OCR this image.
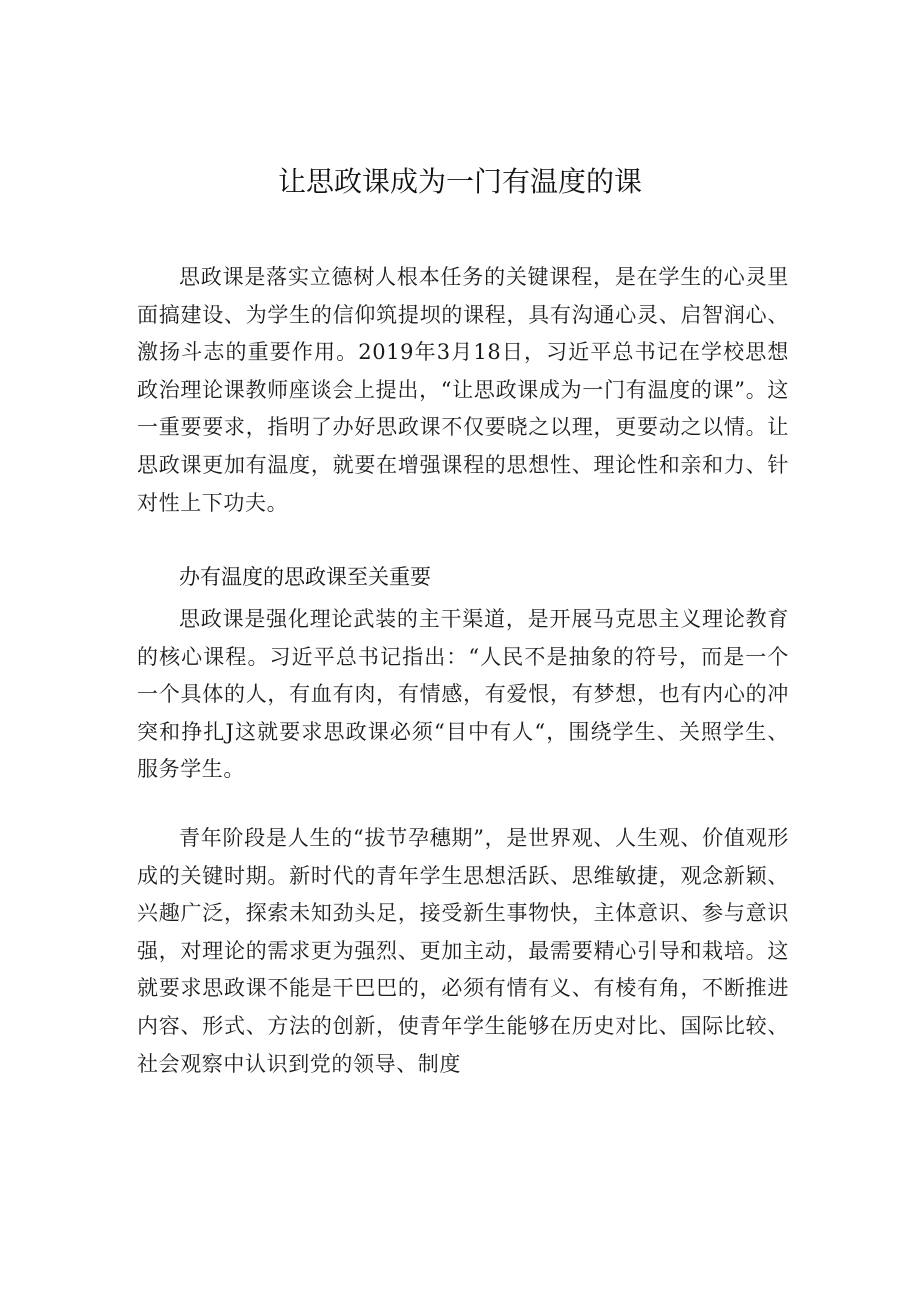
让思政课成为一门有温度的课

思政课是落实立德树人根本任务的关键课程，是在学生的心灵里面搞建设、为学生的信仰筑提坝的课程，具有沟通心灵、启智润心、激扬斗志的重要作用。2019年3月18日，习近平总书记在学校思想政治理论课教师座谈会上提出，“让思政课成为一门有温度的课”。这一重要要求，指明了办好思政课不仅要晓之以理，更要动之以情。让思政课更加有温度，就要在增强课程的思想性、理论性和亲和力、针对性上下功夫。

办有温度的思政课至关重要

思政课是强化理论武装的主干渠道，是开展马克思主义理论教育的核心课程。习近平总书记指出：“人民不是抽象的符号，而是一个一个具体的人，有血有肉，有情感，有爱恨，有梦想，也有内心的冲突和挣扎J这就要求思政课必须“目中有人“，围绕学生、关照学生、服务学生。

青年阶段是人生的“拔节孕穗期”，是世界观、人生观、价值观形成的关键时期。新时代的青年学生思想活跃、思维敏捷，观念新颖、兴趣广泛，探索未知劲头足，接受新生事物快，主体意识、参与意识强，对理论的需求更为强烈、更加主动，最需要精心引导和栽培。这就要求思政课不能是干巴巴的，必须有情有义、有棱有角，不断推进内容、形式、方法的创新，使青年学生能够在历史对比、国际比较、社会观察中认识到党的领导、制度
